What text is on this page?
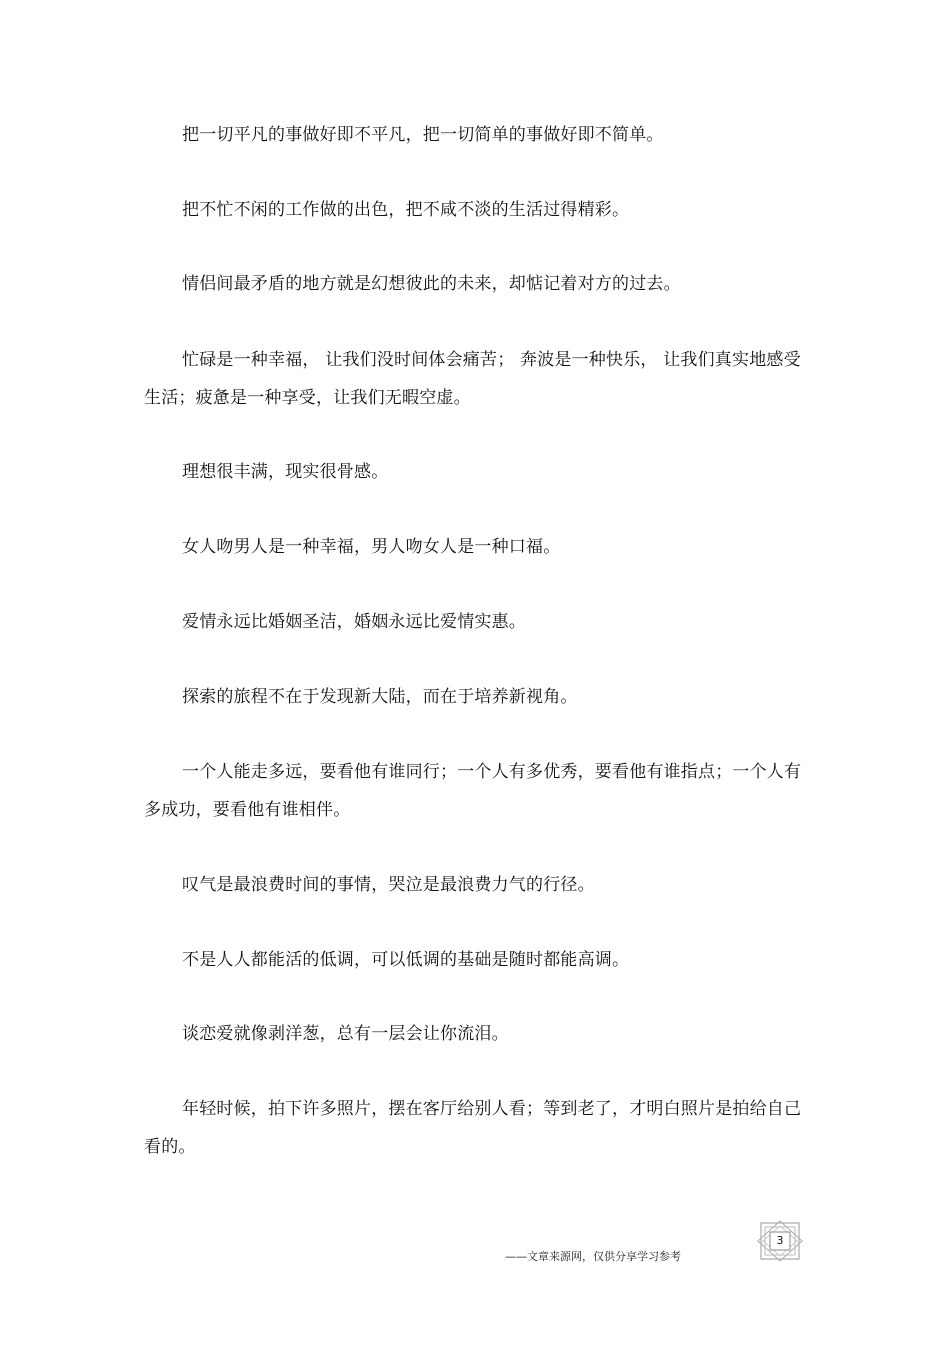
把一切平凡的事做好即不平凡，把一切简单的事做好即不简单。

把不忙不闲的工作做的出色，把不咸不淡的生活过得精彩。

情侣间最矛盾的地方就是幻想彼此的未来，却惦记着对方的过去。

忙碌是一种幸福， 让我们没时间体会痛苦； 奔波是一种快乐， 让我们真实地感受生活；疲惫是一种享受，让我们无暇空虚。

理想很丰满，现实很骨感。

女人吻男人是一种幸福，男人吻女人是一种口福。

爱情永远比婚姻圣洁，婚姻永远比爱情实惠。

探索的旅程不在于发现新大陆，而在于培养新视角。

一个人能走多远，要看他有谁同行；一个人有多优秀，要看他有谁指点；一个人有多成功，要看他有谁相伴。

叹气是最浪费时间的事情，哭泣是最浪费力气的行径。

不是人人都能活的低调，可以低调的基础是随时都能高调。

谈恋爱就像剥洋葱，总有一层会让你流泪。

年轻时候，拍下许多照片，摆在客厅给别人看；等到老了，才明白照片是拍给自己看的。

——文章来源网，仅供分享学习参考
3
